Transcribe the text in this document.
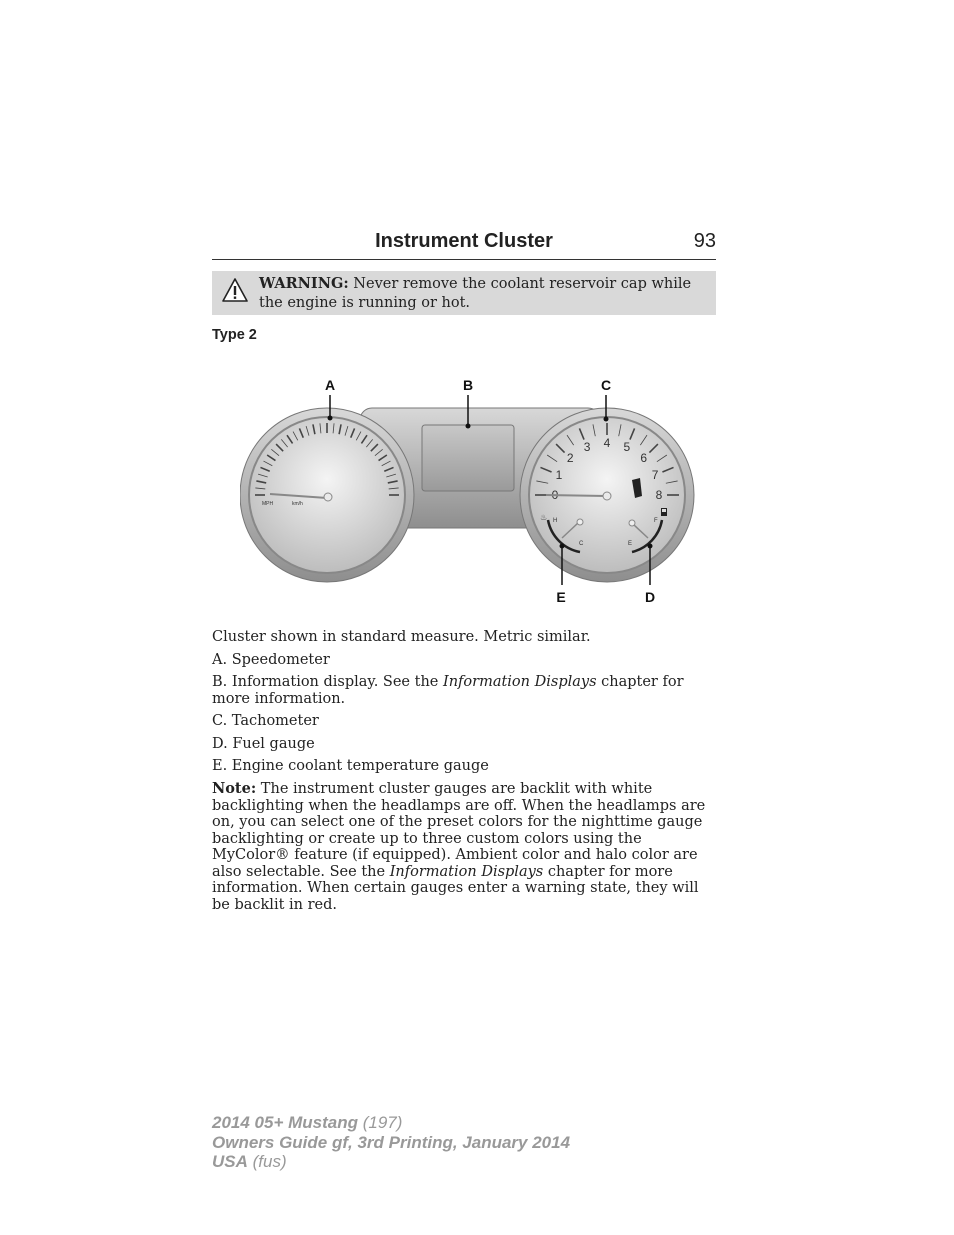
Instrument Cluster	93
WARNING: Never remove the coolant reservoir cap while the engine is running or hot.
Type 2
MPH	km/h
1
2
3 4 5
6
7
8
H
C
♨	F
E
A	B	C
E	D
Cluster shown in standard measure. Metric similar.
A. Speedometer
B. Information display. See the Information Displays chapter for more information.
C. Tachometer
D. Fuel gauge
E. Engine coolant temperature gauge
Note: The instrument cluster gauges are backlit with white backlighting when the headlamps are off. When the headlamps are on, you can select one of the preset colors for the nighttime gauge backlighting or create up to three custom colors using the MyColor® feature (if equipped). Ambient color and halo color are also selectable. See the Information Displays chapter for more information. When certain gauges enter a warning state, they will be backlit in red.
2014 05+ Mustang (197)
Owners Guide gf, 3rd Printing, January 2014
USA (fus)
